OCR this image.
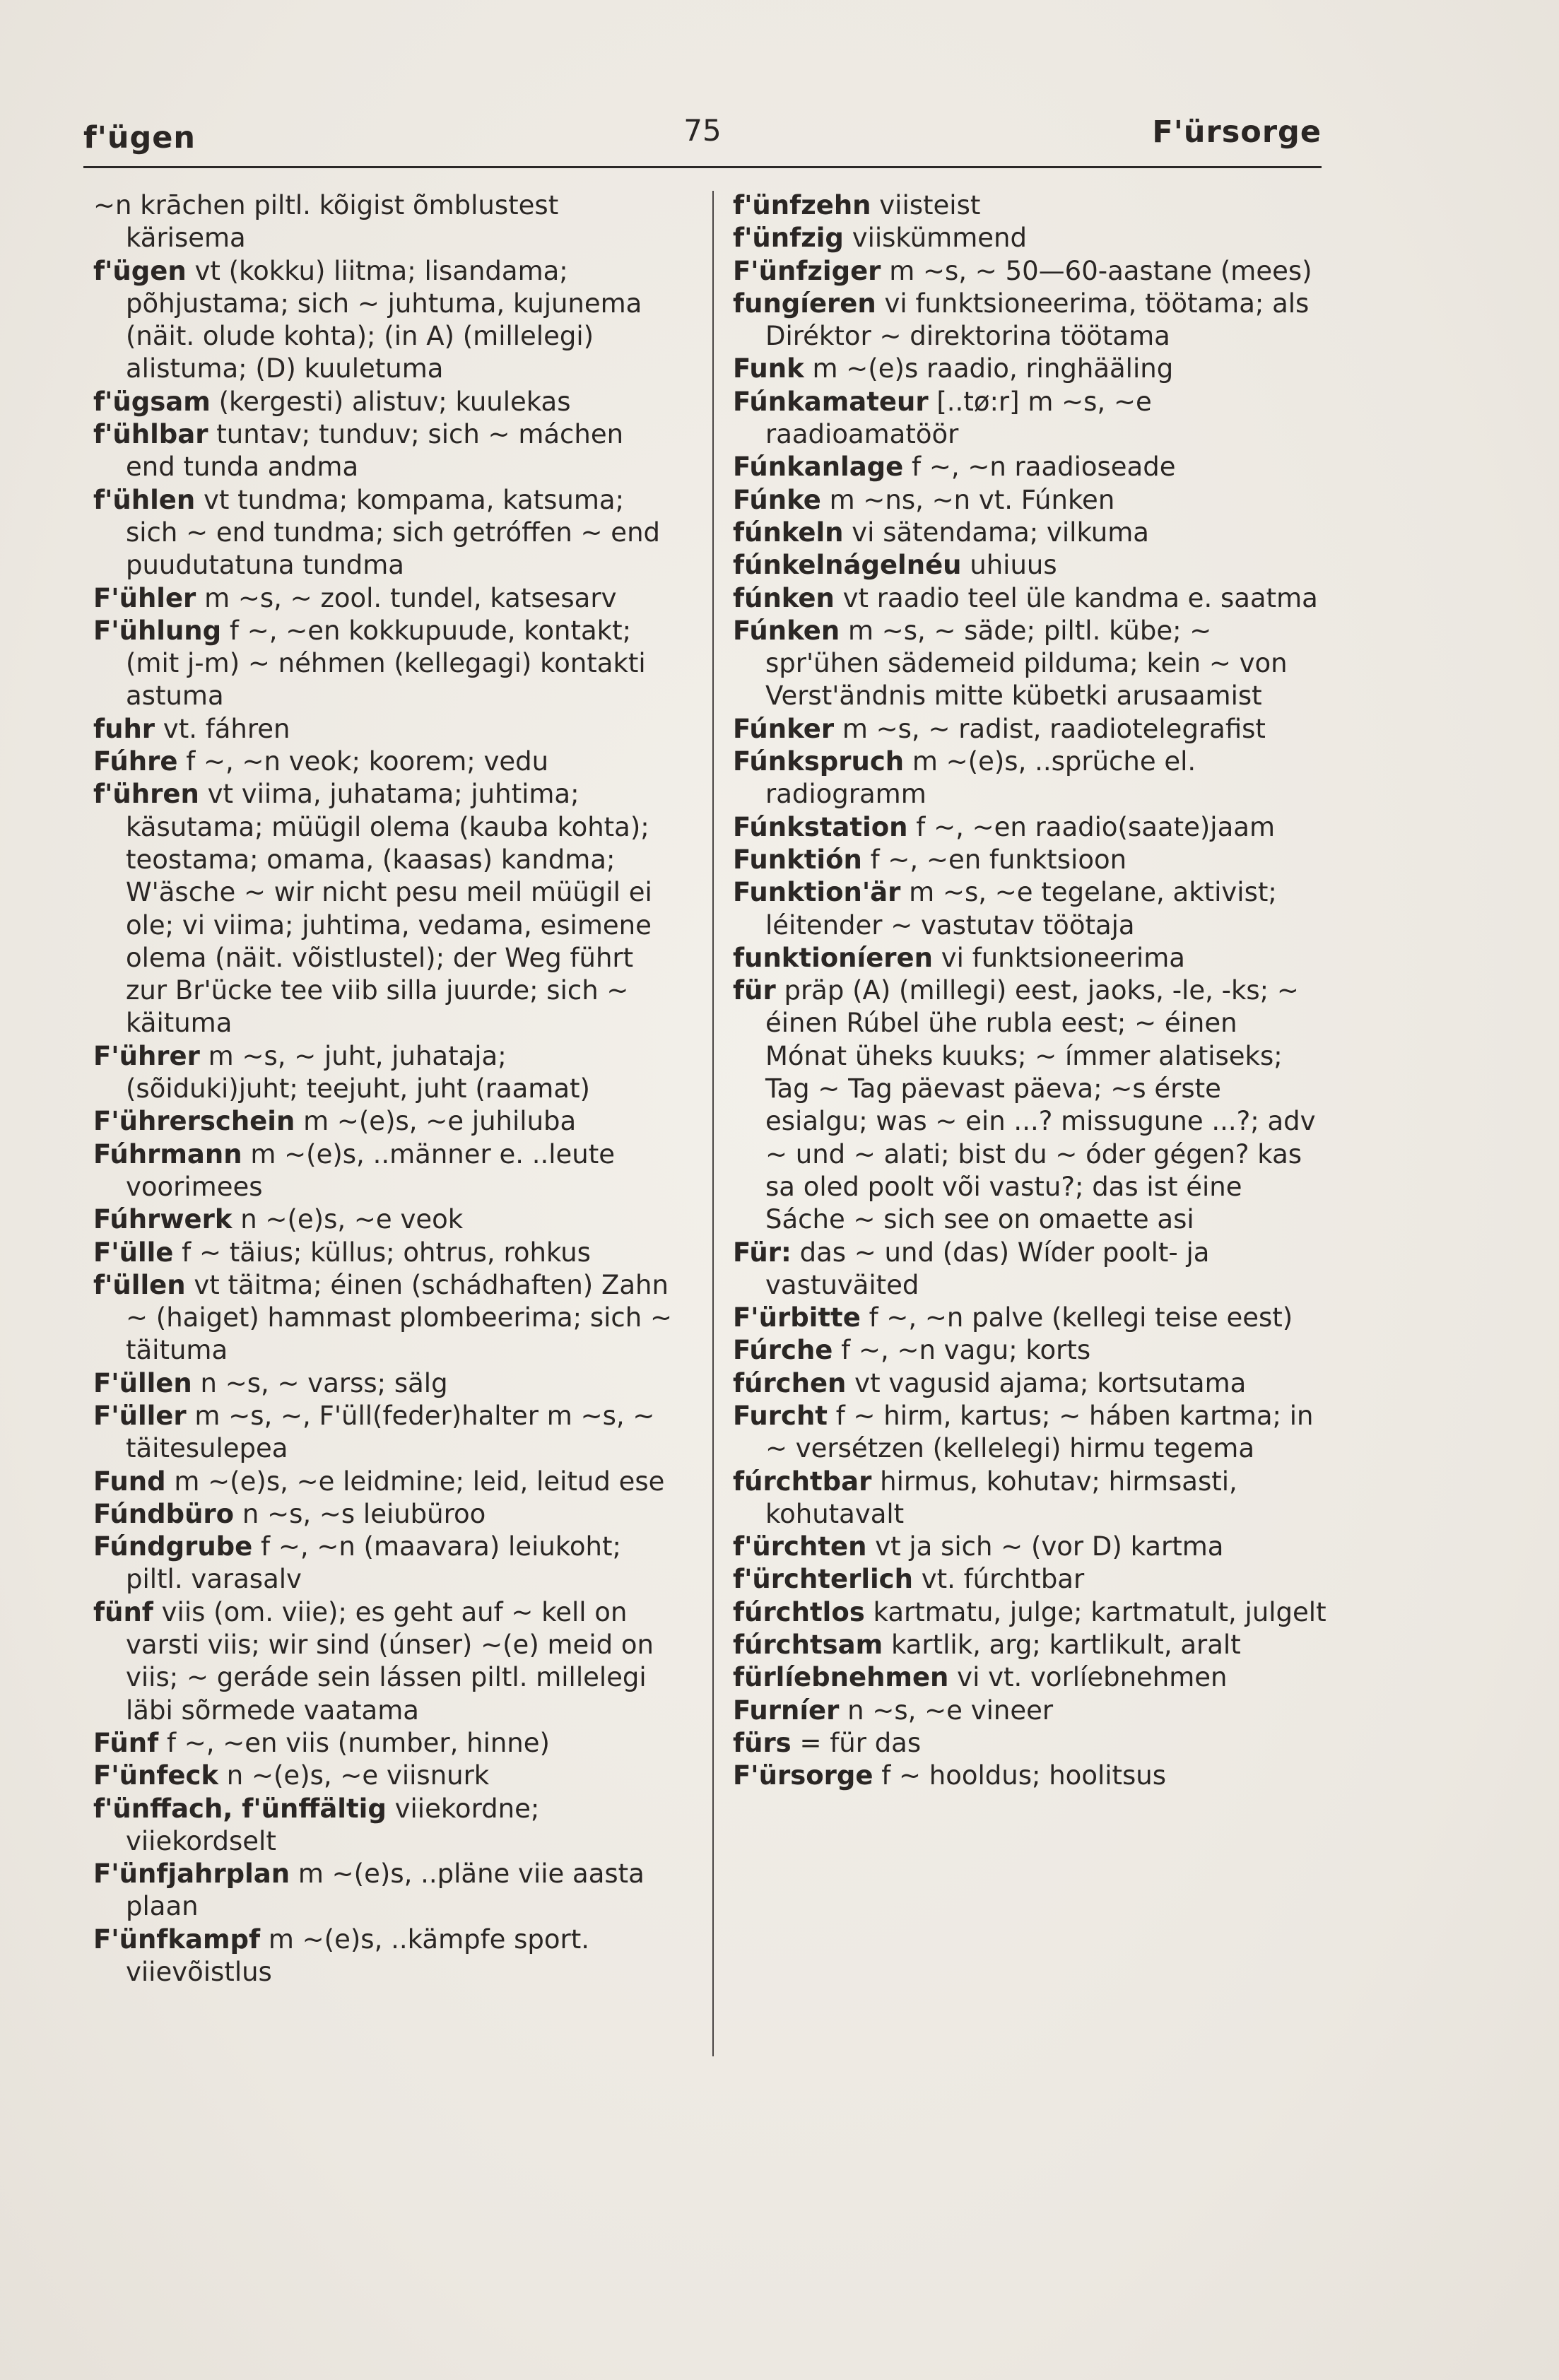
f'ügen	75	F'ürsorge

~n krāchen piltl. kõigist õmblustest kärisema

f'ügen vt (kokku) liitma; lisandama; põhjustama; sich ~ juhtuma, kujunema (näit. olude kohta); (in A) (millelegi) alistuma; (D) kuuletuma

f'ügsam (kergesti) alistuv; kuulekas

f'ühlbar tuntav; tunduv; sich ~ máchen end tunda andma

f'ühlen vt tundma; kompama, katsuma; sich ~ end tundma; sich getróffen ~ end puudutatuna tundma

F'ühler m ~s, ~ zool. tundel, katsesarv

F'ühlung f ~, ~en kokkupuude, kontakt; (mit j-m) ~ néhmen (kellegagi) kontakti astuma

fuhr vt. fáhren

Fúhre f ~, ~n veok; koorem; vedu

f'ühren vt viima, juhatama; juhtima; käsutama; müügil olema (kauba kohta); teostama; omama, (kaasas) kandma; W'äsche ~ wir nicht pesu meil müügil ei ole; vi viima; juhtima, vedama, esimene olema (näit. võistlustel); der Weg führt zur Br'ücke tee viib silla juurde; sich ~ käituma

F'ührer m ~s, ~ juht, juhataja; (sõiduki)juht; teejuht, juht (raamat)

F'ührerschein m ~(e)s, ~e juhiluba

Fúhrmann m ~(e)s, ..männer e. ..leute voorimees

Fúhrwerk n ~(e)s, ~e veok

F'ülle f ~ täius; küllus; ohtrus, rohkus

f'üllen vt täitma; éinen (schádhaften) Zahn ~ (haiget) hammast plombeerima; sich ~ täituma

F'üllen n ~s, ~ varss; sälg

F'üller m ~s, ~, F'üll(feder)halter m ~s, ~ täitesulepea

Fund m ~(e)s, ~e leidmine; leid, leitud ese

Fúndbüro n ~s, ~s leiubüroo

Fúndgrube f ~, ~n (maavara) leiukoht; piltl. varasalv

fünf viis (om. viie); es geht auf ~ kell on varsti viis; wir sind (únser) ~(e) meid on viis; ~ geráde sein lássen piltl. millelegi läbi sõrmede vaatama

Fünf f ~, ~en viis (number, hinne)

F'ünfeck n ~(e)s, ~e viisnurk

f'ünffach, f'ünffältig viiekordne; viiekordselt

F'ünfjahrplan m ~(e)s, ..pläne viie aasta plaan

F'ünfkampf m ~(e)s, ..kämpfe sport. viievõistlus

f'ünfzehn viisteist

f'ünfzig viiskümmend

F'ünfziger m ~s, ~ 50—60-aastane (mees)

fungíeren vi funktsioneerima, töötama; als Diréktor ~ direktorina töötama

Funk m ~(e)s raadio, ringhääling

Fúnkamateur [..tø:r] m ~s, ~e raadioamatöör

Fúnkanlage f ~, ~n raadioseade

Fúnke m ~ns, ~n vt. Fúnken

fúnkeln vi sätendama; vilkuma

fúnkelnágelnéu uhiuus

fúnken vt raadio teel üle kandma e. saatma

Fúnken m ~s, ~ säde; piltl. kübe; ~ spr'ühen sädemeid pilduma; kein ~ von Verst'ändnis mitte kübetki arusaamist

Fúnker m ~s, ~ radist, raadiotelegrafist

Fúnkspruch m ~(e)s, ..sprüche el. radiogramm

Fúnkstation f ~, ~en raadio(saate)jaam

Funktión f ~, ~en funktsioon

Funktion'är m ~s, ~e tegelane, aktivist; léitender ~ vastutav töötaja

funktioníeren vi funktsioneerima

für präp (A) (millegi) eest, jaoks, -le, -ks; ~ éinen Rúbel ühe rubla eest; ~ éinen Mónat üheks kuuks; ~ ímmer alatiseks; Tag ~ Tag päevast päeva; ~s érste esialgu; was ~ ein ...? missugune ...?; adv ~ und ~ alati; bist du ~ óder gégen? kas sa oled poolt või vastu?; das ist éine Sáche ~ sich see on omaette asi

Für: das ~ und (das) Wíder poolt- ja vastuväited

F'ürbitte f ~, ~n palve (kellegi teise eest)

Fúrche f ~, ~n vagu; korts

fúrchen vt vagusid ajama; kortsutama

Furcht f ~ hirm, kartus; ~ háben kartma; in ~ versétzen (kellelegi) hirmu tegema

fúrchtbar hirmus, kohutav; hirmsasti, kohutavalt

f'ürchten vt ja sich ~ (vor D) kartma

f'ürchterlich vt. fúrchtbar

fúrchtlos kartmatu, julge; kartmatult, julgelt

fúrchtsam kartlik, arg; kartlikult, aralt

fürlíebnehmen vi vt. vorlíebnehmen

Furníer n ~s, ~e vineer

fürs = für das

F'ürsorge f ~ hooldus; hoolitsus
